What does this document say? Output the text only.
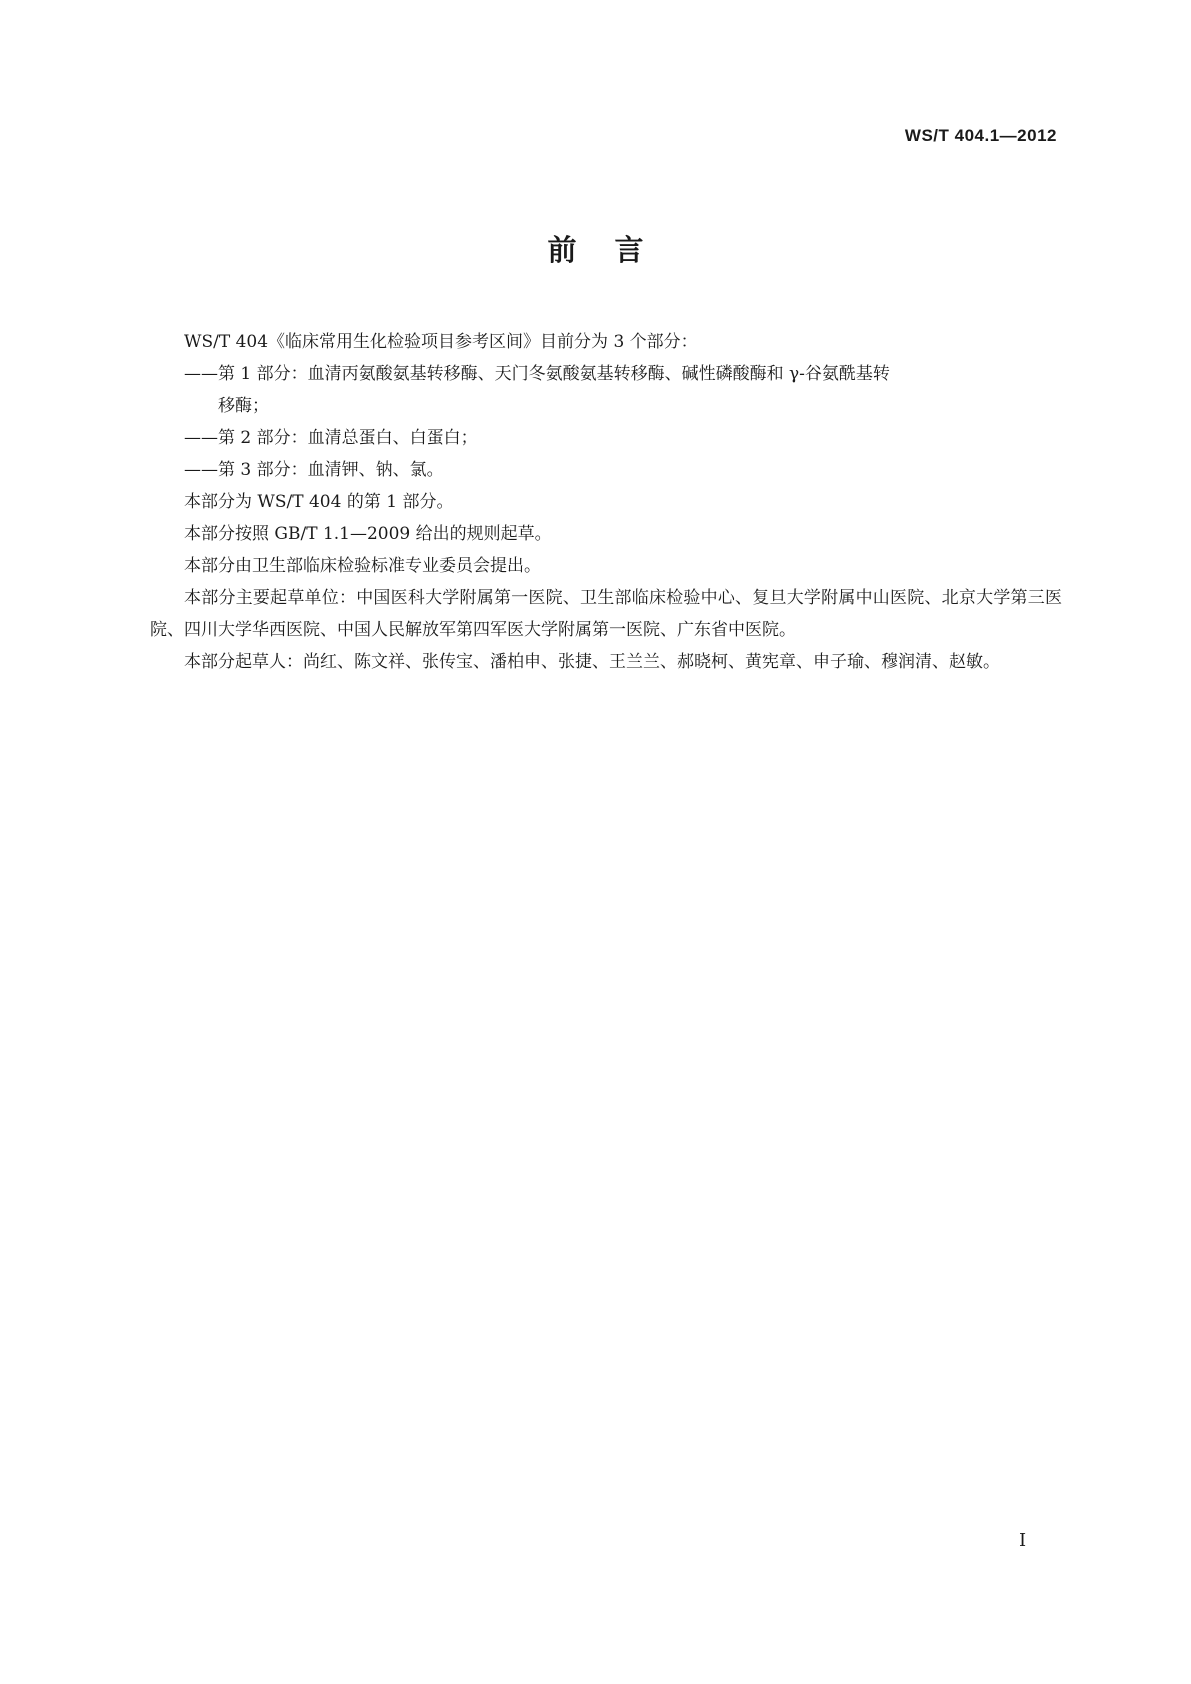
WS/T 404.1—2012
前言

WS/T 404《临床常用生化检验项目参考区间》目前分为 3 个部分：

——第 1 部分：血清丙氨酸氨基转移酶、天门冬氨酸氨基转移酶、碱性磷酸酶和 γ-谷氨酰基转
移酶；

——第 2 部分：血清总蛋白、白蛋白；

——第 3 部分：血清钾、钠、氯。

本部分为 WS/T 404 的第 1 部分。

本部分按照 GB/T 1.1—2009 给出的规则起草。

本部分由卫生部临床检验标准专业委员会提出。

本部分主要起草单位：中国医科大学附属第一医院、卫生部临床检验中心、复旦大学附属中山医院、北京大学第三医院、四川大学华西医院、中国人民解放军第四军医大学附属第一医院、广东省中医院。

本部分起草人：尚红、陈文祥、张传宝、潘柏申、张捷、王兰兰、郝晓柯、黄宪章、申子瑜、穆润清、赵敏。

I
